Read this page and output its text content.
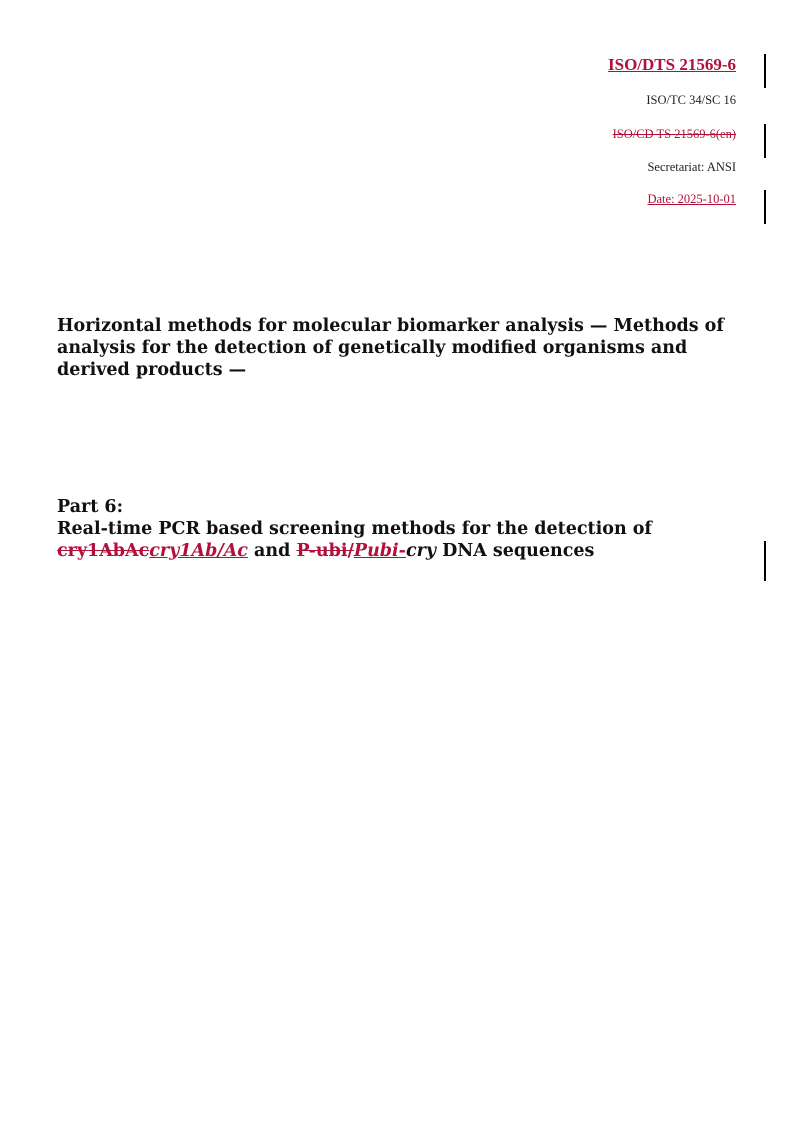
ISO/DTS 21569-6
ISO/TC 34/SC 16
ISO/CD TS 21569-6(en)
Secretariat: ANSI
Date: 2025-10-01
Horizontal methods for molecular biomarker analysis — Methods of analysis for the detection of genetically modified organisms and derived products —
Part 6:
Real-time PCR based screening methods for the detection of
cry1AbAccry1Ab/Ac and P-ubi/Pubi-cry DNA sequences
